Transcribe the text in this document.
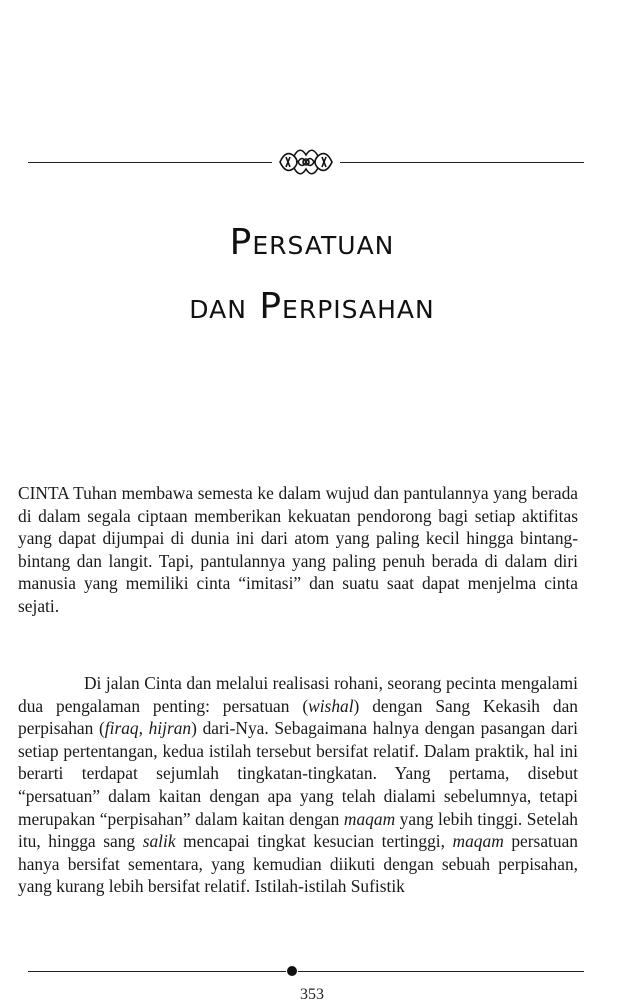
Persatuan
dan Perpisahan
CINTA Tuhan membawa semesta ke dalam wujud dan pantulannya yang berada di dalam segala ciptaan memberikan kekuatan pendorong bagi setiap aktifitas yang dapat dijumpai di dunia ini dari atom yang paling kecil hingga bintang-bintang dan langit. Tapi, pantulannya yang paling penuh berada di dalam diri manusia yang memiliki cinta “imitasi” dan suatu saat dapat menjelma cinta sejati.
Di jalan Cinta dan melalui realisasi rohani, seorang pecinta mengalami dua pengalaman penting: persatuan (wishal) dengan Sang Kekasih dan perpisahan (firaq, hijran) dari-Nya. Sebagaimana halnya dengan pasangan dari setiap pertentangan, kedua istilah tersebut bersifat relatif. Dalam praktik, hal ini berarti terdapat sejumlah tingkatan-tingkatan. Yang pertama, disebut “persatuan” dalam kaitan dengan apa yang telah dialami sebelumnya, tetapi merupakan “perpisahan” dalam kaitan dengan maqam yang lebih tinggi. Setelah itu, hingga sang salik mencapai tingkat kesucian tertinggi, maqam persatuan hanya bersifat sementara, yang kemudian diikuti dengan sebuah perpisahan, yang kurang lebih bersifat relatif. Istilah-istilah Sufistik
353
